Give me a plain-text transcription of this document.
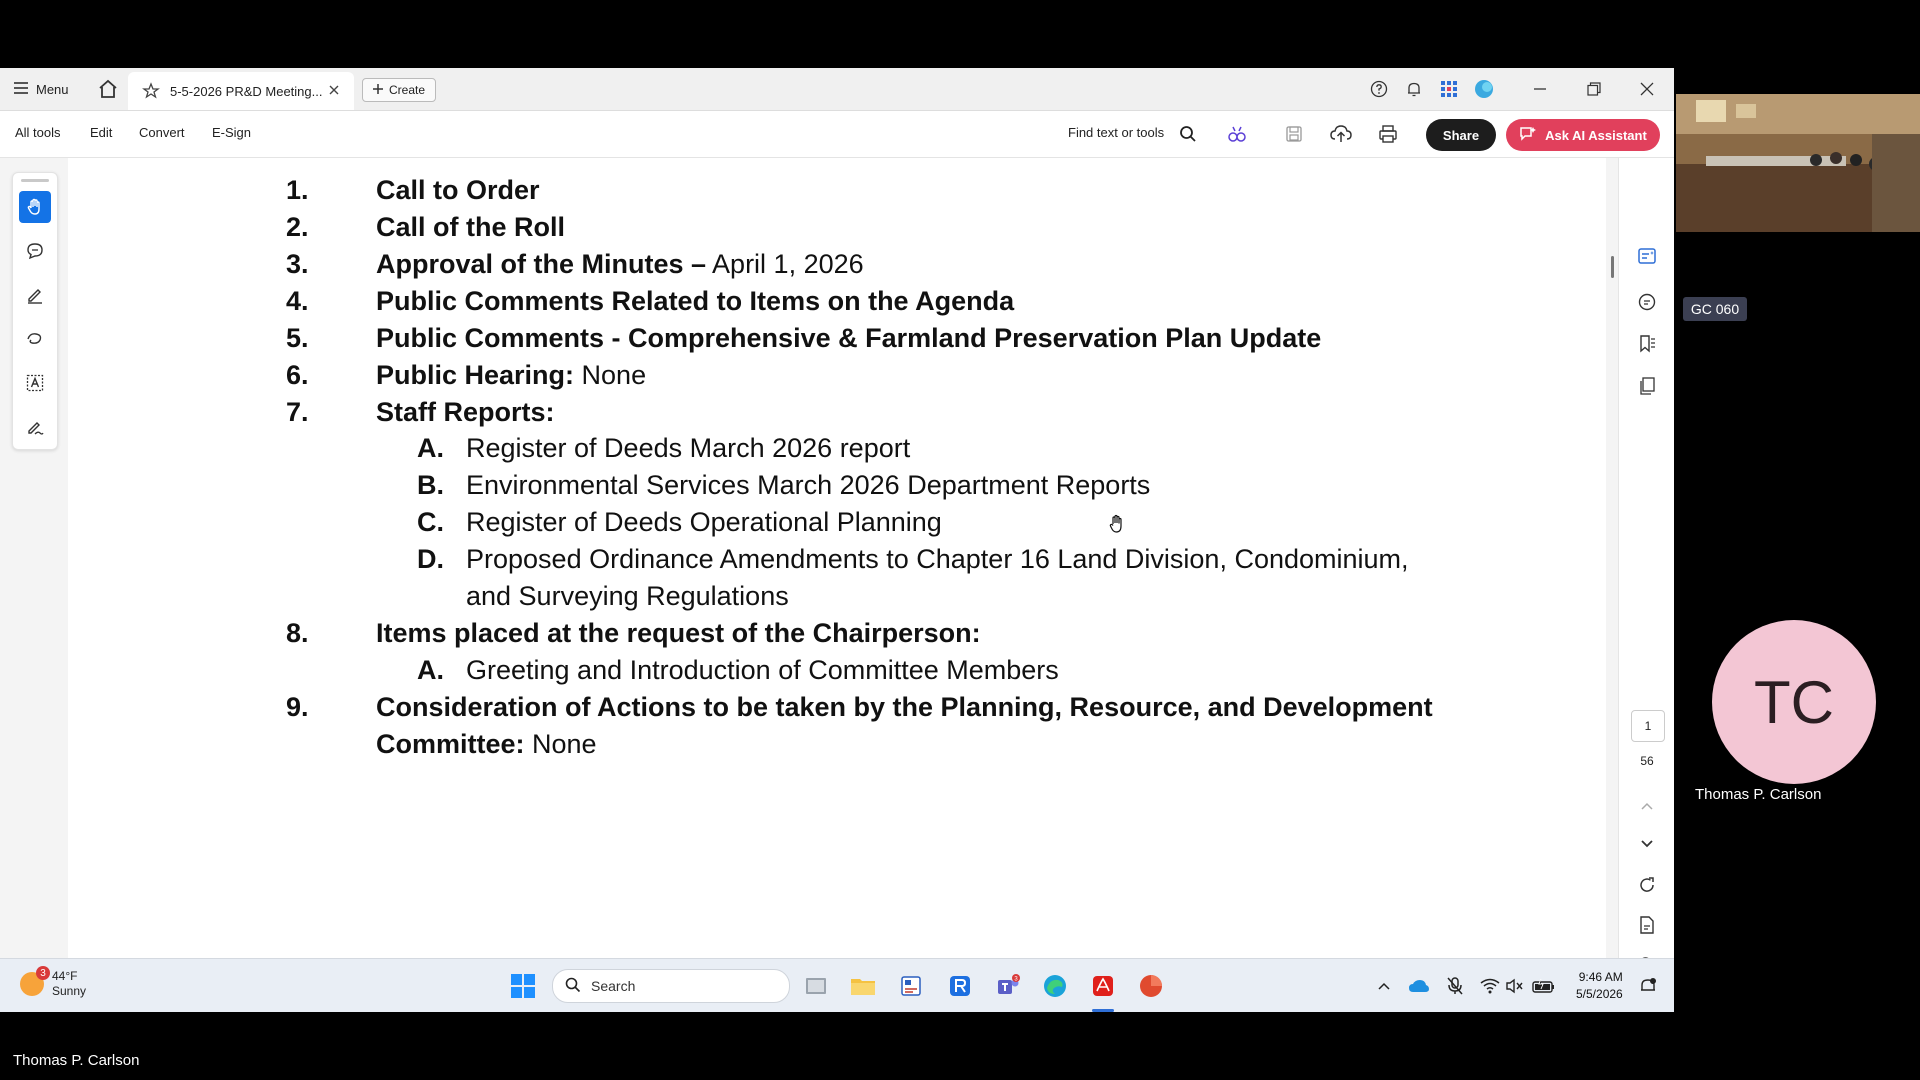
GC 060
TC
Thomas P. Carlson
Thomas P. Carlson
Menu	5-5-2026 PR&D Meeting...	Create
All tools Edit Convert E-Sign	Find text or tools	Share	Ask AI Assistant
1. Call to Order
2. Call of the Roll
3. Approval of the Minutes – April 1, 2026
4. Public Comments Related to Items on the Agenda
5. Public Comments - Comprehensive & Farmland Preservation Plan Update
6. Public Hearing: None
7. Staff Reports:
A. Register of Deeds March 2026 report
B. Environmental Services March 2026 Department Reports
C. Register of Deeds Operational Planning
D. Proposed Ordinance Amendments to Chapter 16 Land Division, Condominium,
and Surveying Regulations
8. Items placed at the request of the Chairperson:
A. Greeting and Introduction of Committee Members
9. Consideration of Actions to be taken by the Planning, Resource, and Development
Committee: None
1
56
3 44°F
Sunny	Search	3	9:46 AM
5/5/2026
